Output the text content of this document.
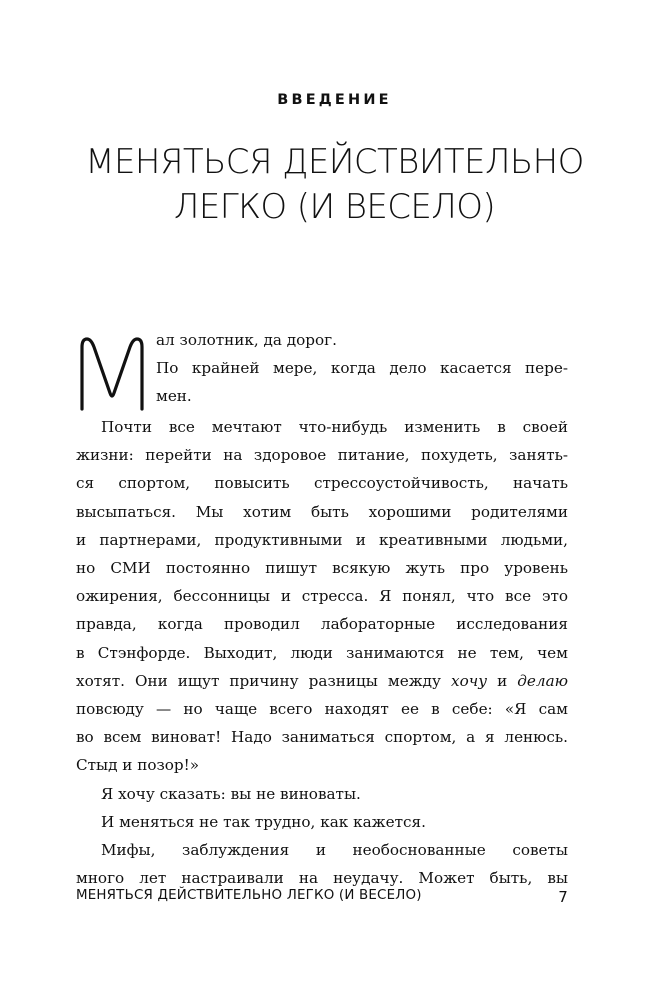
ВВЕДЕНИЕ
МЕНЯТЬСЯ ДЕЙСТВИТЕЛЬНО
ЛЕГКО (И ВЕСЕЛО)

ал золотник, да дорог.

По крайней мере, когда дело касается пере-
мен.

Почти все мечтают что-нибудь изменить в своей

жизни: перейти на здоровое питание, похудеть, занять-
ся спортом, повысить стрессоустойчивость, начать
высыпаться. Мы хотим быть хорошими родителями
и партнерами, продуктивными и креативными людьми,
но СМИ постоянно пишут всякую жуть про уровень
ожирения, бессонницы и стресса. Я понял, что все это
правда, когда проводил лабораторные исследования
в Стэнфорде. Выходит, люди занимаются не тем, чем
хотят. Они ищут причину разницы между хочу и делаю
повсюду — но чаще всего находят ее в себе: «Я сам
во всем виноват! Надо заниматься спортом, а я ленюсь.
Стыд и позор!»

Я хочу сказать: вы не виноваты.

И меняться не так трудно, как кажется.

Мифы, заблуждения и необоснованные советы

много лет настраивали на неудачу. Может быть, вы

МЕНЯТЬСЯ ДЕЙСТВИТЕЛЬНО ЛЕГКО (И ВЕСЕЛО)	7
